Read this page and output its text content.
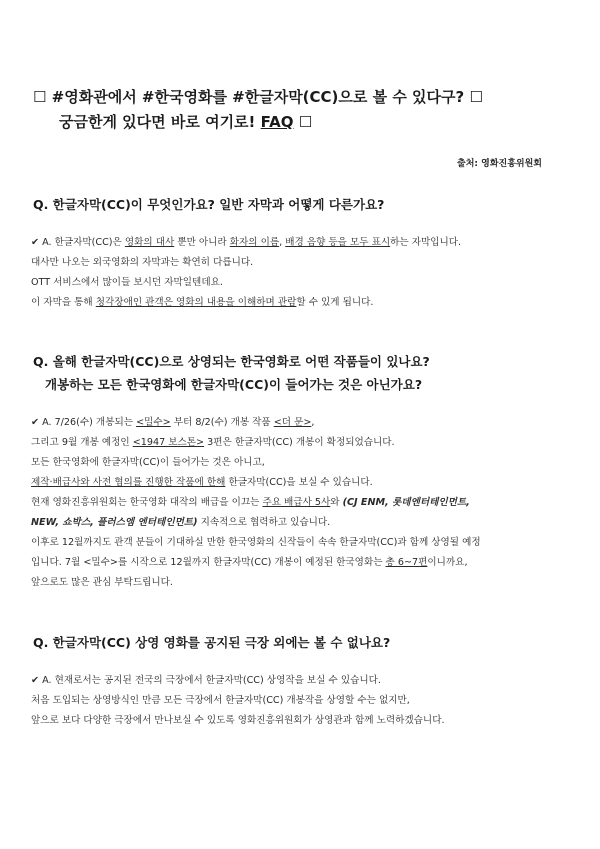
☐ #영화관에서 #한국영화를 #한글자막(CC)으로 볼 수 있다구? ☐
궁금한게 있다면 바로 여기로! FAQ ☐
출처: 영화진흥위원회
Q. 한글자막(CC)이 무엇인가요? 일반 자막과 어떻게 다른가요?
✔ A. 한글자막(CC)은 영화의 대사 뿐만 아니라 화자의 이름, 배경 음향 등을 모두 표시하는 자막입니다.
대사만 나오는 외국영화의 자막과는 확연히 다릅니다.
OTT 서비스에서 많이들 보시던 자막일텐데요.
이 자막을 통해 청각장애인 관객은 영화의 내용을 이해하며 관람할 수 있게 됩니다.
Q. 올해 한글자막(CC)으로 상영되는 한국영화로 어떤 작품들이 있나요?
개봉하는 모든 한국영화에 한글자막(CC)이 들어가는 것은 아닌가요?
✔ A. 7/26(수) 개봉되는 <밀수> 부터 8/2(수) 개봉 작품 <더 문>,
그리고 9월 개봉 예정인 <1947 보스톤> 3편은 한글자막(CC) 개봉이 확정되었습니다.
모든 한국영화에 한글자막(CC)이 들어가는 것은 아니고,
제작·배급사와 사전 협의를 진행한 작품에 한해 한글자막(CC)을 보실 수 있습니다.
현재 영화진흥위원회는 한국영화 대작의 배급을 이끄는 주요 배급사 5사와 (CJ ENM, 롯데엔터테인먼트,
NEW, 쇼박스, 플러스엠 엔터테인먼트) 지속적으로 협력하고 있습니다.
이후로 12월까지도 관객 분들이 기대하실 만한 한국영화의 신작들이 속속 한글자막(CC)과 함께 상영될 예정
입니다. 7월 <밀수>를 시작으로 12월까지 한글자막(CC) 개봉이 예정된 한국영화는 총 6~7편이니까요,
앞으로도 많은 관심 부탁드립니다.
Q. 한글자막(CC) 상영 영화를 공지된 극장 외에는 볼 수 없나요?
✔ A. 현재로서는 공지된 전국의 극장에서 한글자막(CC) 상영작을 보실 수 있습니다.
처음 도입되는 상영방식인 만큼 모든 극장에서 한글자막(CC) 개봉작을 상영할 수는 없지만,
앞으로 보다 다양한 극장에서 만나보실 수 있도록 영화진흥위원회가 상영관과 함께 노력하겠습니다.
